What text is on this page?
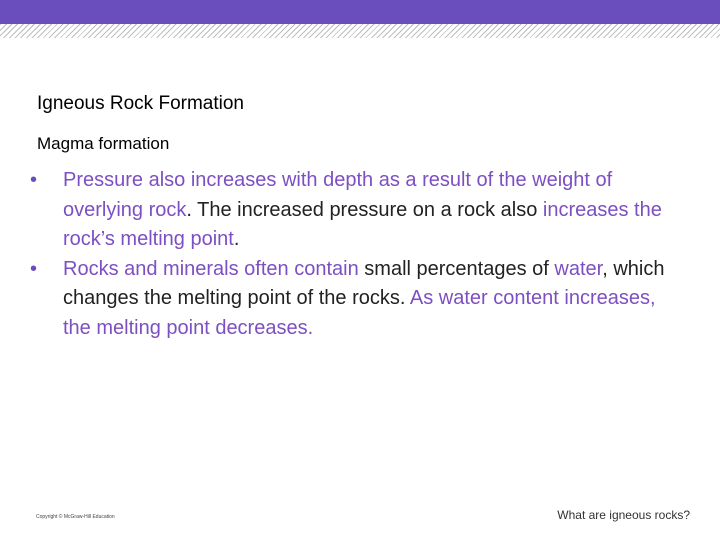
Igneous Rock Formation
Magma formation
• Pressure also increases with depth as a result of the weight of overlying rock. The increased pressure on a rock also increases the rock’s melting point.
• Rocks and minerals often contain small percentages of water, which changes the melting point of the rocks. As water content increases, the melting point decreases.
Copyright © McGraw-Hill Education	What are igneous rocks?
